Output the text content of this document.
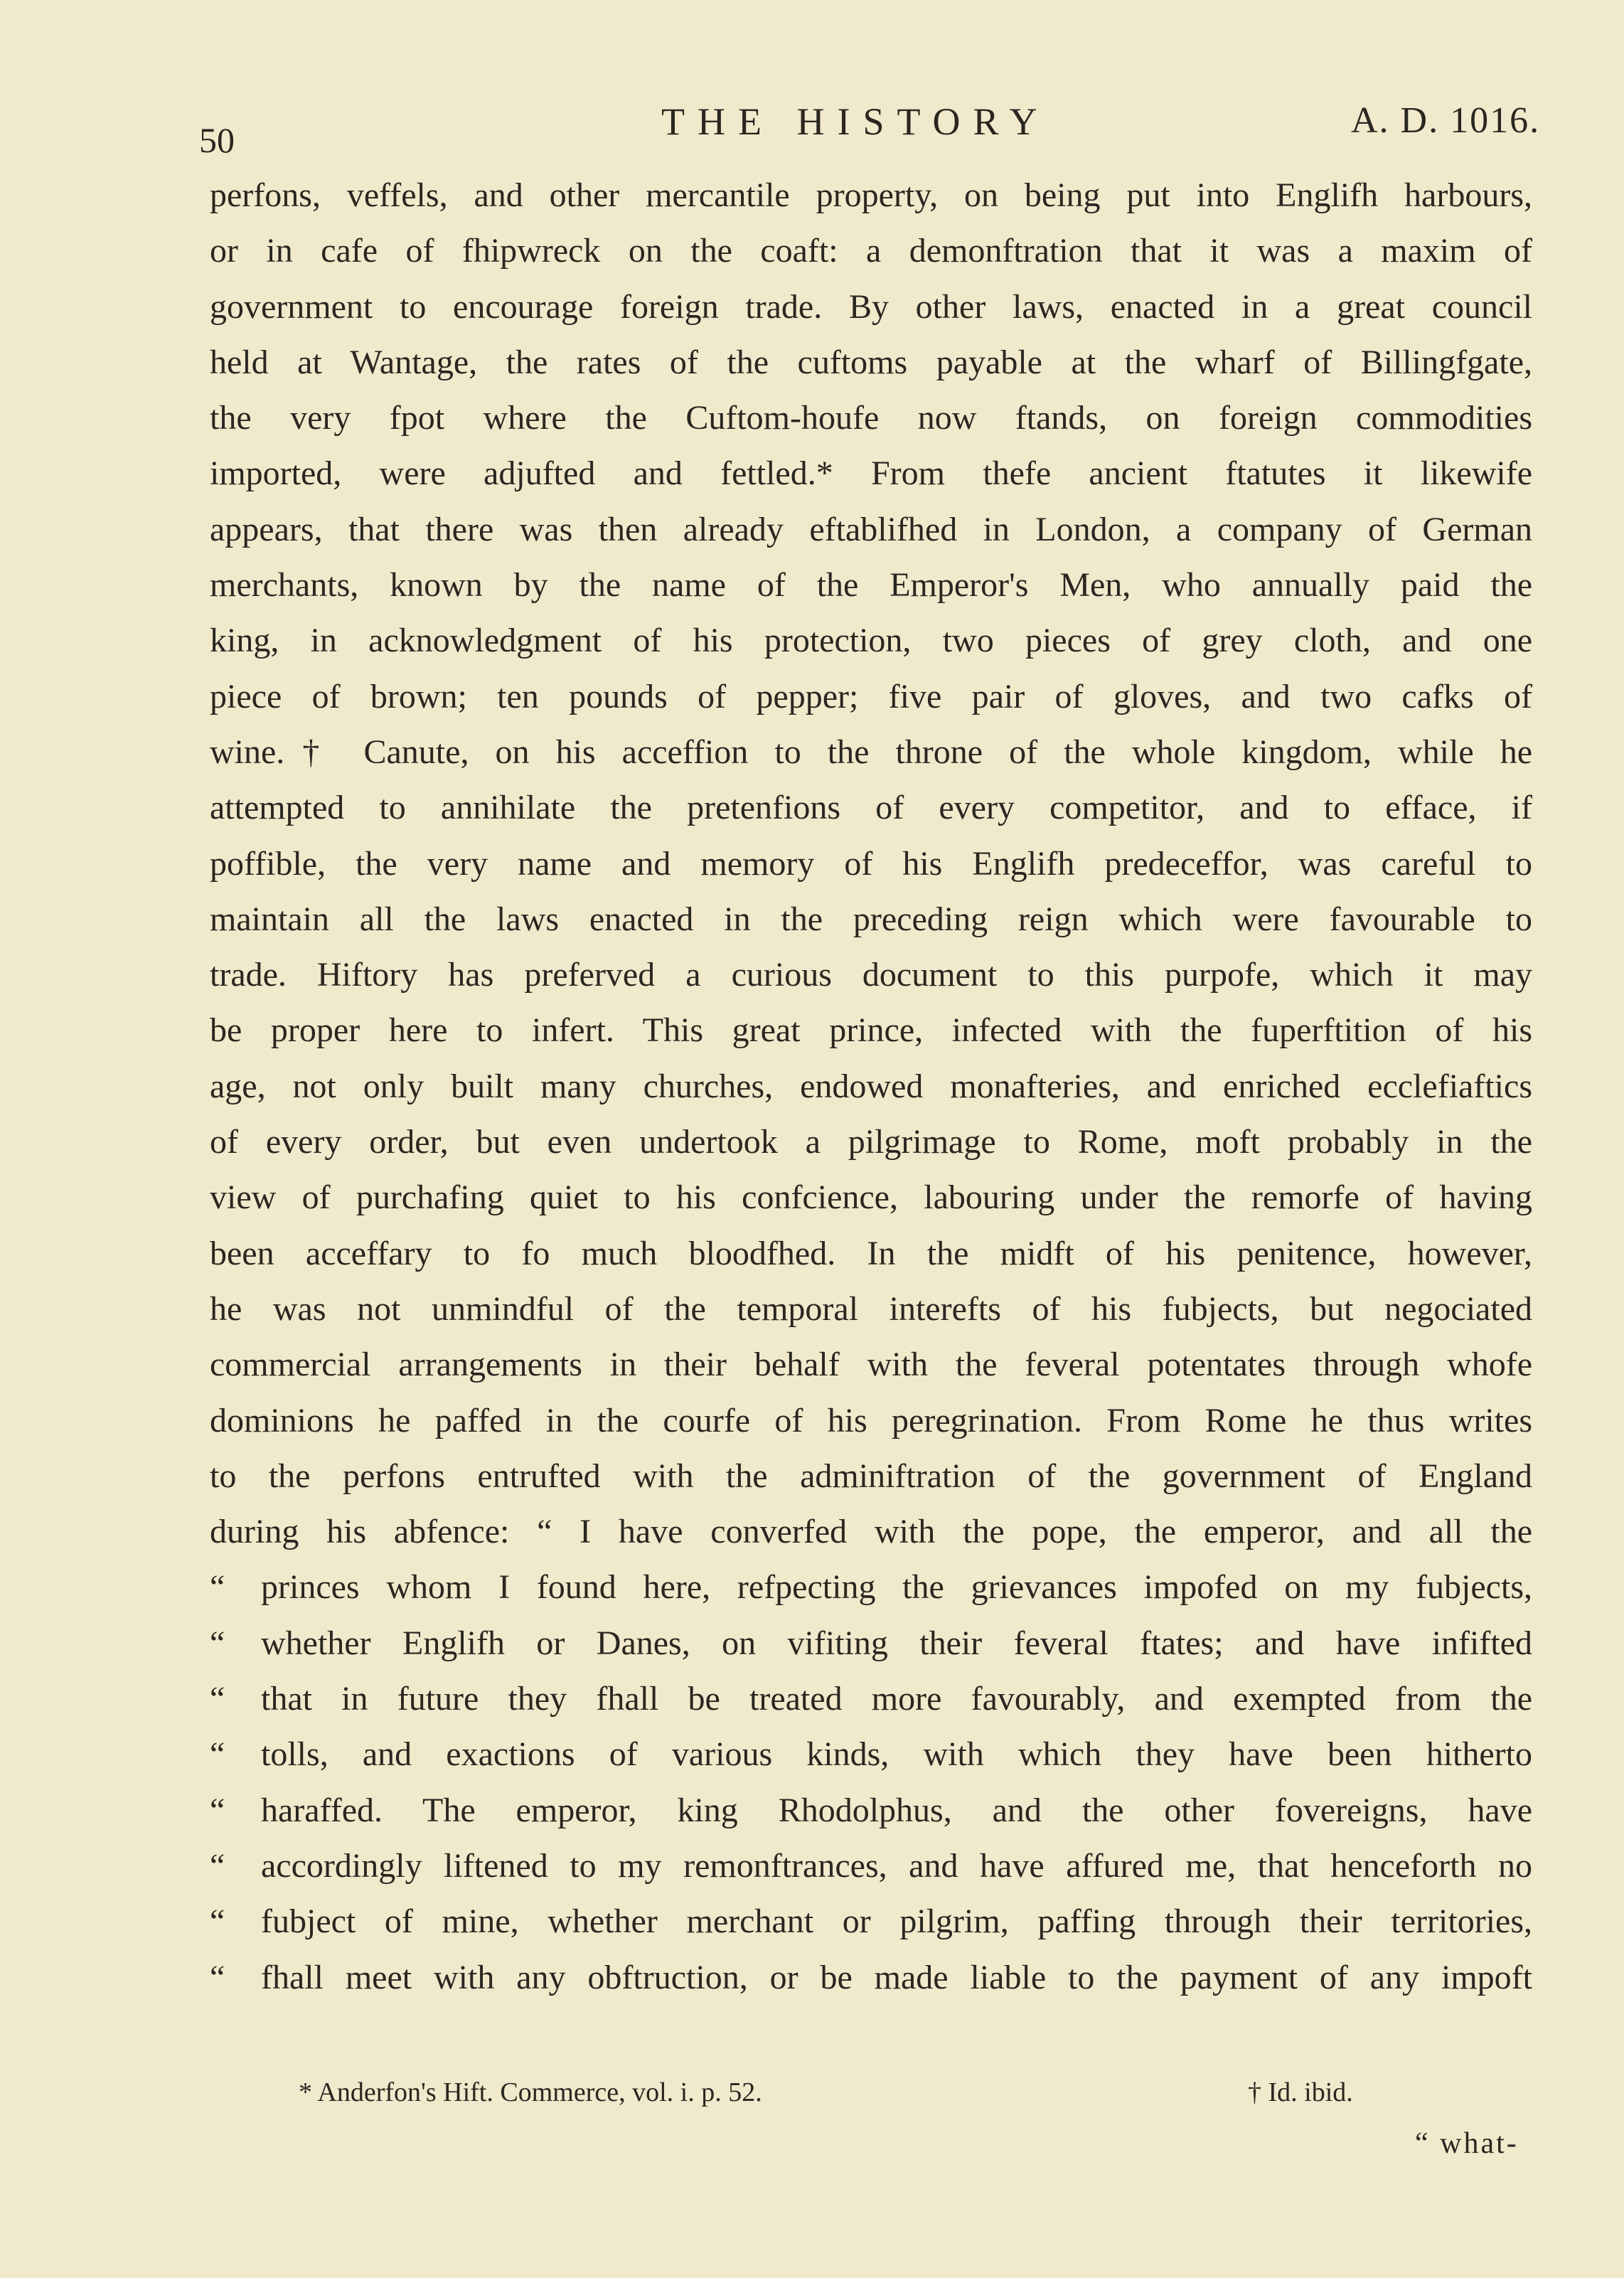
50	THE HISTORY	A. D. 1016.
perfons, veffels, and other mercantile property, on being put into Englifh harbours,
or in cafe of fhipwreck on the coaft: a demonftration that it was a maxim of
government to encourage foreign trade. By other laws, enacted in a great council
held at Wantage, the rates of the cuftoms payable at the wharf of Billingfgate,
the very fpot where the Cuftom-houfe now ftands, on foreign commodities
imported, were adjufted and fettled.* From thefe ancient ftatutes it likewife
appears, that there was then already eftablifhed in London, a company of German
merchants, known by the name of the Emperor's Men, who annually paid the
king, in acknowledgment of his protection, two pieces of grey cloth, and one
piece of brown; ten pounds of pepper; five pair of gloves, and two cafks of
wine.† Canute, on his acceffion to the throne of the whole kingdom, while he
attempted to annihilate the pretenfions of every competitor, and to efface, if
poffible, the very name and memory of his Englifh predeceffor, was careful to
maintain all the laws enacted in the preceding reign which were favourable to
trade. Hiftory has preferved a curious document to this purpofe, which it may
be proper here to infert. This great prince, infected with the fuperftition of his
age, not only built many churches, endowed monafteries, and enriched ecclefiaftics
of every order, but even undertook a pilgrimage to Rome, moft probably in the
view of purchafing quiet to his confcience, labouring under the remorfe of having
been acceffary to fo much bloodfhed. In the midft of his penitence, however,
he was not unmindful of the temporal interefts of his fubjects, but negociated
commercial arrangements in their behalf with the feveral potentates through whofe
dominions he paffed in the courfe of his peregrination. From Rome he thus writes
to the perfons entrufted with the adminiftration of the government of England
during his abfence: “ I have converfed with the pope, the emperor, and all the
“ princes whom I found here, refpecting the grievances impofed on my fubjects,
“ whether Englifh or Danes, on vifiting their feveral ftates; and have infifted
“ that in future they fhall be treated more favourably, and exempted from the
“ tolls, and exactions of various kinds, with which they have been hitherto
“ haraffed. The emperor, king Rhodolphus, and the other fovereigns, have
“ accordingly liftened to my remonftrances, and have affured me, that henceforth no
“ fubject of mine, whether merchant or pilgrim, paffing through their territories,
“ fhall meet with any obftruction, or be made liable to the payment of any impoft
* Anderfon's Hift. Commerce, vol. i. p. 52.	† Id. ibid.
“ what-
